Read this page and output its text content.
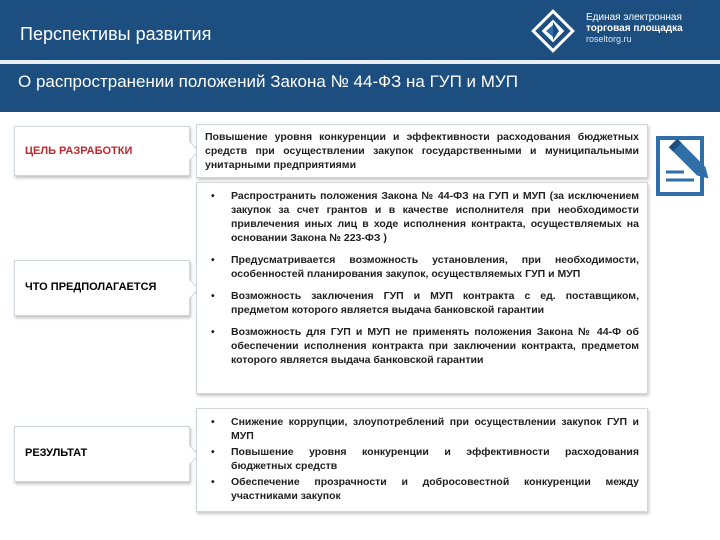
Перспективы развития
О распространении положений Закона № 44-ФЗ на ГУП и МУП
Единая электронная
торговая площадка
roseltorg.ru
ЦЕЛЬ РАЗРАБОТКИ

Повышение уровня конкуренции и эффективности расходования бюджетных средств при осуществлении закупок государственными и муниципальными унитарными предприятиями

ЧТО ПРЕДПОЛАГАЕТСЯ
• Распространить положения Закона № 44-ФЗ на ГУП и МУП (за исключением закупок за счет грантов и в качестве исполнителя при необходимости привлечения иных лиц в ходе исполнения контракта, осуществляемых на основании Закона № 223-ФЗ )
• Предусматривается возможность установления, при необходимости, особенностей планирования закупок, осуществляемых ГУП и МУП
• Возможность заключения ГУП и МУП контракта с ед. поставщиком, предметом которого является выдача банковской гарантии
• Возможность для ГУП и МУП не применять положения Закона № 44-Ф об обеспечении исполнения контракта при заключении контракта, предметом которого является выдача банковской гарантии
РЕЗУЛЬТАТ
• Снижение коррупции, злоупотреблений при осуществлении закупок ГУП и МУП
• Повышение уровня конкуренции и эффективности расходования бюджетных средств
• Обеспечение прозрачности и добросовестной конкуренции между участниками закупок
